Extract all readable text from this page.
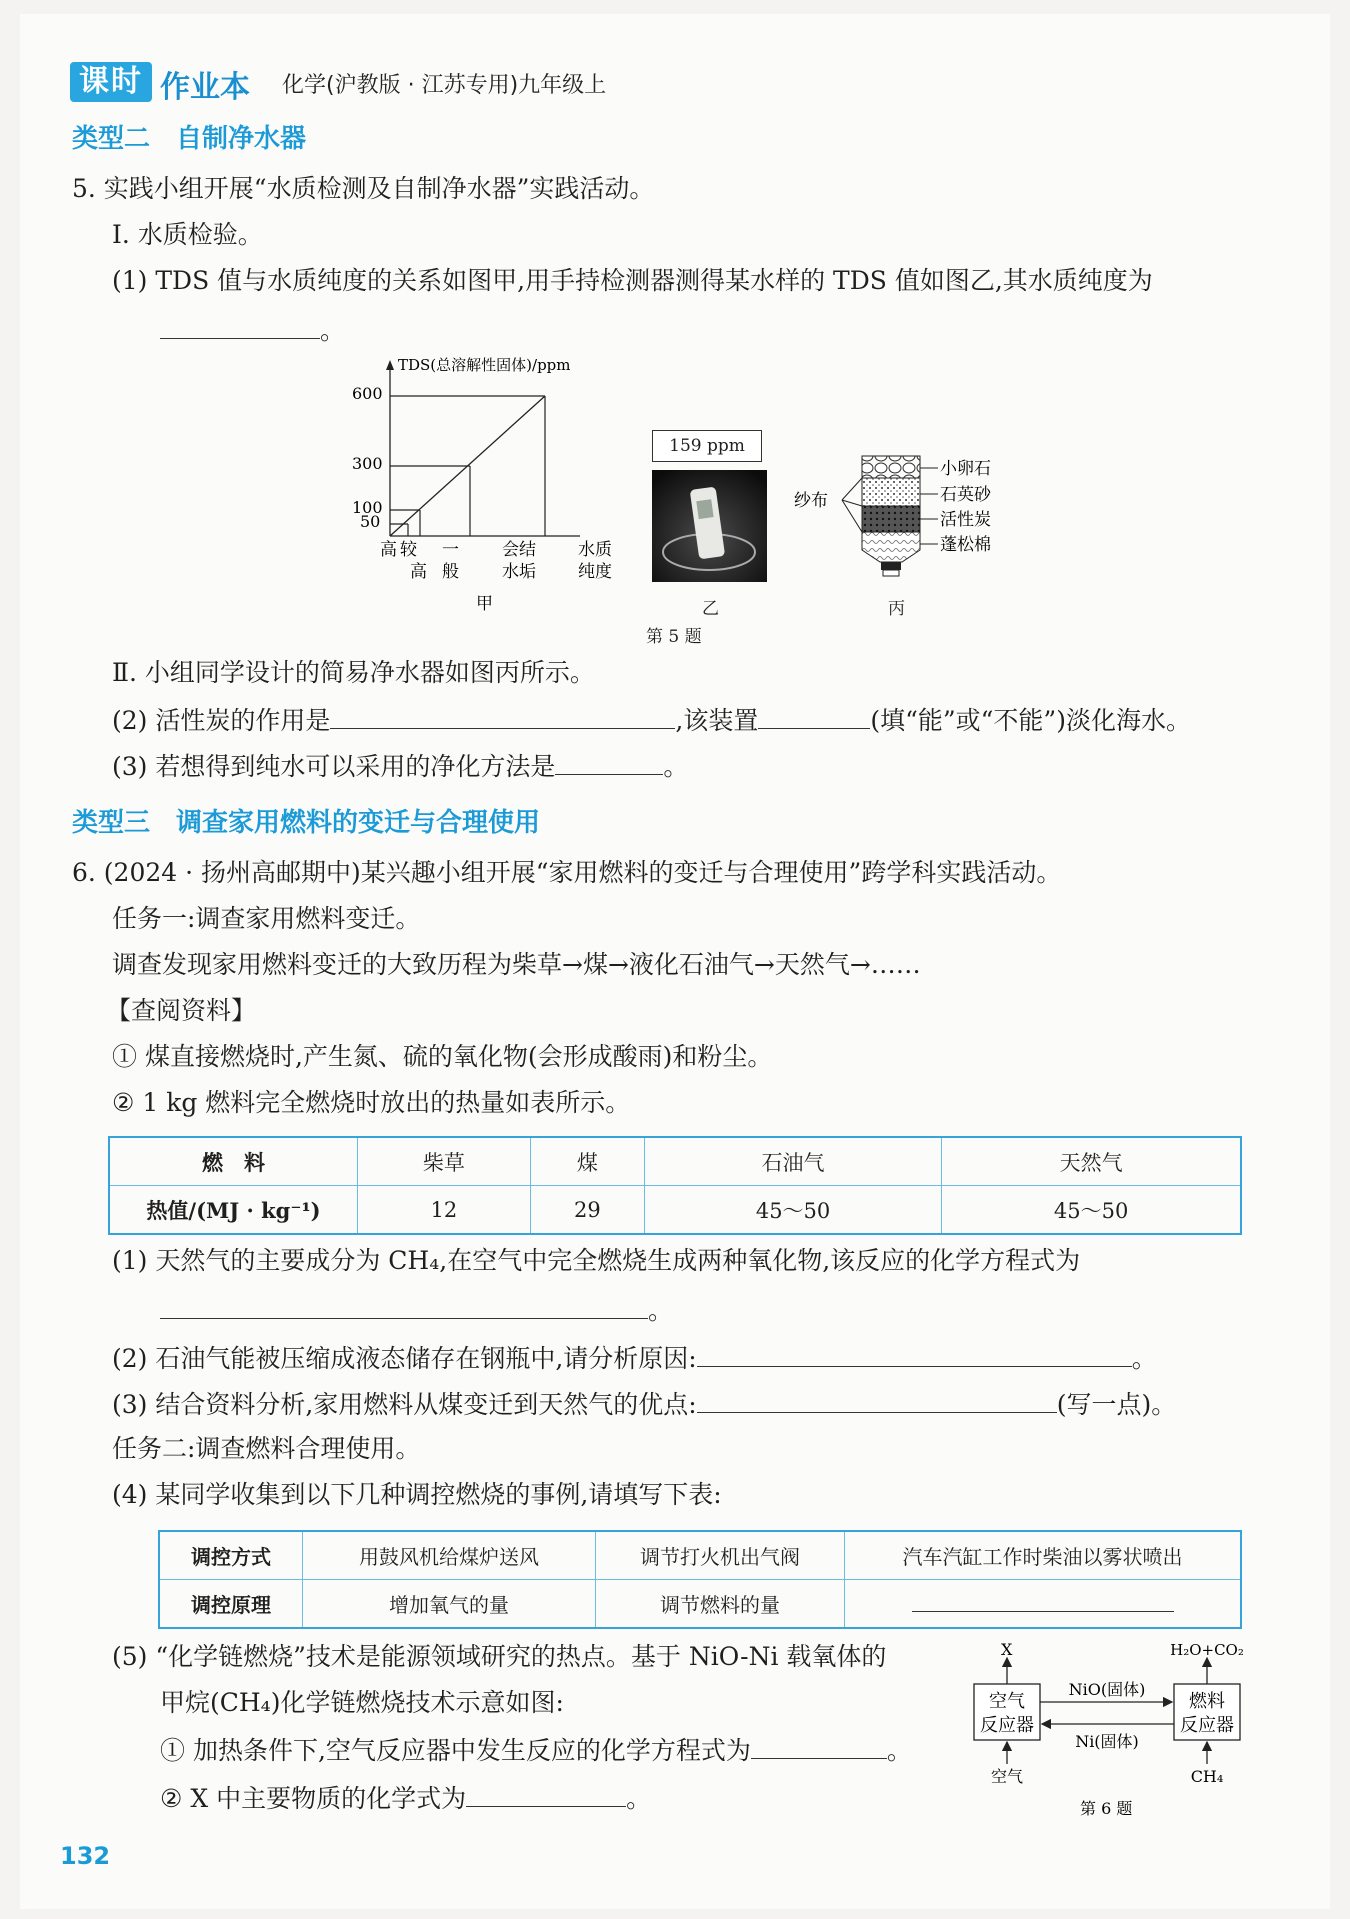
课时 作业本 化学(沪教版 · 江苏专用)九年级上
类型二　自制净水器
5. 实践小组开展“水质检测及自制净水器”实践活动。
Ⅰ. 水质检验。
(1) TDS 值与水质纯度的关系如图甲,用手持检测器测得某水样的 TDS 值如图乙,其水质纯度为
。
TDS(总溶解性固体)/ppm
600
300
100
50
高 较
高
一
般
会结
水垢
水质
纯度
甲
159 ppm
乙
小卵石
石英砂
活性炭
蓬松棉
纱布
丙
第 5 题
Ⅱ. 小组同学设计的简易净水器如图丙所示。
(2) 活性炭的作用是	,该装置	(填“能”或“不能”)淡化海水。
(3) 若想得到纯水可以采用的净化方法是	。
类型三　调查家用燃料的变迁与合理使用
6. (2024 · 扬州高邮期中)某兴趣小组开展“家用燃料的变迁与合理使用”跨学科实践活动。
任务一:调查家用燃料变迁。
调查发现家用燃料变迁的大致历程为柴草→煤→液化石油气→天然气→……
【查阅资料】
① 煤直接燃烧时,产生氮、硫的氧化物(会形成酸雨)和粉尘。
② 1 kg 燃料完全燃烧时放出的热量如表所示。
燃　料	柴草	煤	石油气	天然气
热值/(MJ · kg⁻¹)	12	29	45～50	45～50
(1) 天然气的主要成分为 CH₄,在空气中完全燃烧生成两种氧化物,该反应的化学方程式为
。
(2) 石油气能被压缩成液态储存在钢瓶中,请分析原因:	。
(3) 结合资料分析,家用燃料从煤变迁到天然气的优点:	(写一点)。
任务二:调查燃料合理使用。
(4) 某同学收集到以下几种调控燃烧的事例,请填写下表:
调控方式	用鼓风机给煤炉送风	调节打火机出气阀	汽车汽缸工作时柴油以雾状喷出
调控原理	增加氧气的量	调节燃料的量	
(5) “化学链燃烧”技术是能源领域研究的热点。基于 NiO-Ni 载氧体的
甲烷(CH₄)化学链燃烧技术示意如图:
① 加热条件下,空气反应器中发生反应的化学方程式为	。
② X 中主要物质的化学式为	。
空气
反应器
燃料
反应器
NiO(固体)
Ni(固体)
X	H₂O+CO₂
空气	CH₄
第 6 题
132
